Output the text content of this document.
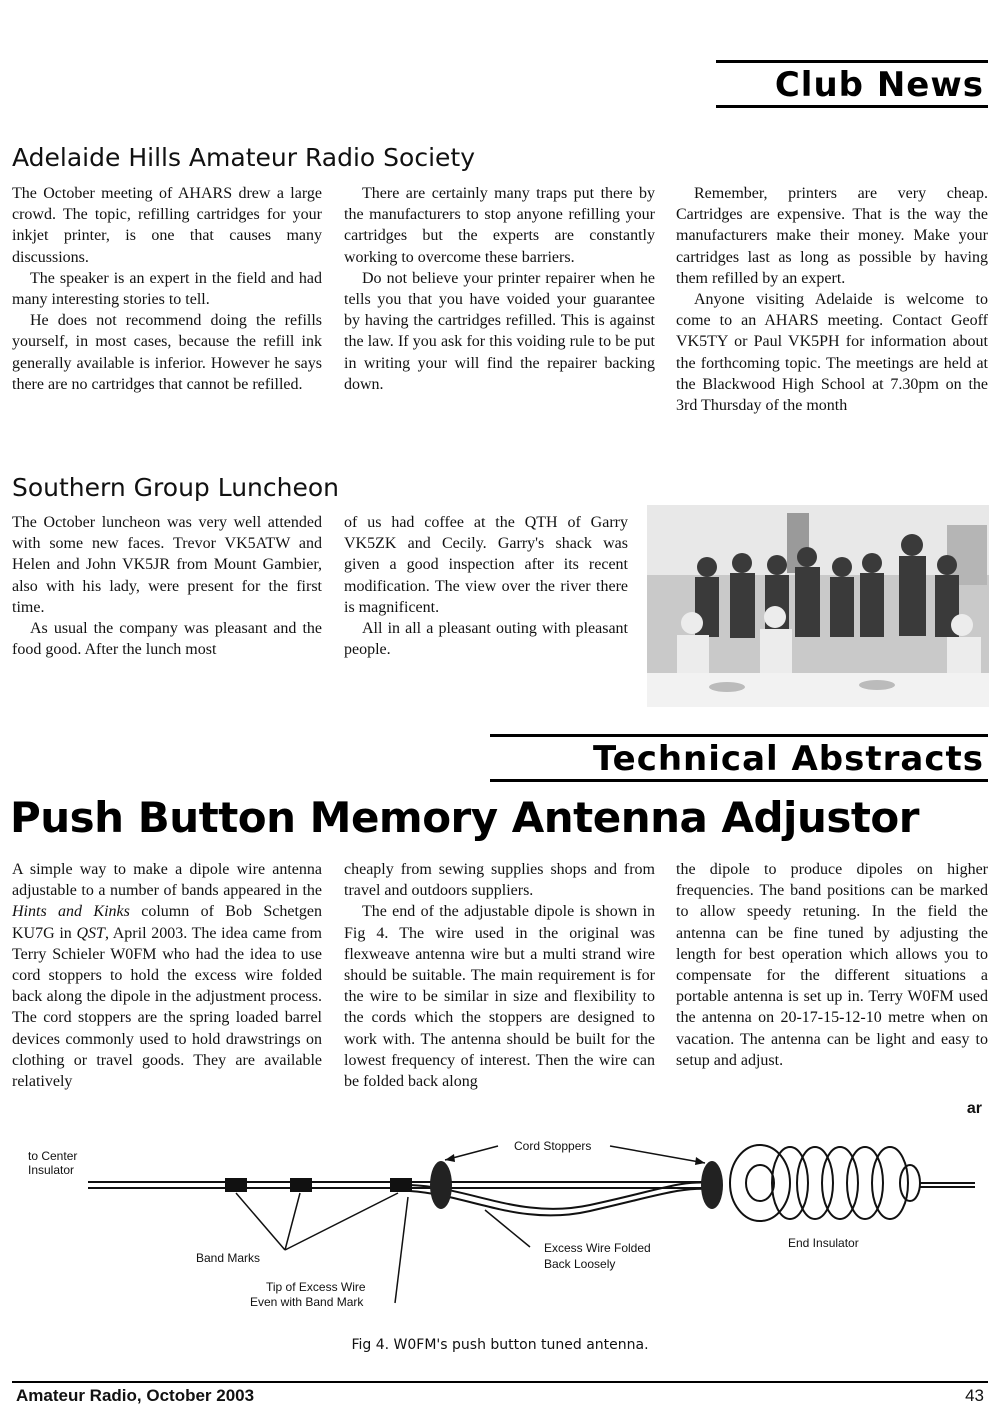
Club News
Adelaide Hills Amateur Radio Society

The October meeting of AHARS drew a large crowd. The topic, refilling cartridges for your inkjet printer, is one that causes many discussions.

The speaker is an expert in the field and had many interesting stories to tell.

He does not recommend doing the refills yourself, in most cases, because the refill ink generally available is inferior. However he says there are no cartridges that cannot be refilled.

There are certainly many traps put there by the manufacturers to stop anyone refilling your cartridges but the experts are constantly working to overcome these barriers.

Do not believe your printer repairer when he tells you that you have voided your guarantee by having the cartridges refilled. This is against the law. If you ask for this voiding rule to be put in writing your will find the repairer backing down.

Remember, printers are very cheap. Cartridges are expensive. That is the way the manufacturers make their money. Make your cartridges last as long as possible by having them refilled by an expert.

Anyone visiting Adelaide is welcome to come to an AHARS meeting. Contact Geoff VK5TY or Paul VK5PH for information about the forthcoming topic. The meetings are held at the Blackwood High School at 7.30pm on the 3rd Thursday of the month

Southern Group Luncheon

The October luncheon was very well attended with some new faces. Trevor VK5ATW and Helen and John VK5JR from Mount Gambier, also with his lady, were present for the first time.

As usual the company was pleasant and the food good. After the lunch most

of us had coffee at the QTH of Garry VK5ZK and Cecily. Garry's shack was given a good inspection after its recent modification. The view over the river there is magnificent.

All in all a pleasant outing with pleasant people.

Technical Abstracts
Push Button Memory Antenna Adjustor

A simple way to make a dipole wire antenna adjustable to a number of bands appeared in the Hints and Kinks column of Bob Schetgen KU7G in QST, April 2003. The idea came from Terry Schieler W0FM who had the idea to use cord stoppers to hold the excess wire folded back along the dipole in the adjustment process. The cord stoppers are the spring loaded barrel devices commonly used to hold drawstrings on clothing or travel goods. They are available relatively

cheaply from sewing supplies shops and from travel and outdoors suppliers.

The end of the adjustable dipole is shown in Fig 4. The wire used in the original was flexweave antenna wire but a multi strand wire should be suitable. The main requirement is for the wire to be similar in size and flexibility to the cords which the stoppers are designed to work with. The antenna should be built for the lowest frequency of interest. Then the wire can be folded back along

the dipole to produce dipoles on higher frequencies. The band positions can be marked to allow speedy retuning. In the field the antenna can be fine tuned by adjusting the length for best operation which allows you to compensate for the different situations a portable antenna is set up in. Terry W0FM used the antenna on 20-17-15-12-10 metre when on vacation. The antenna can be light and easy to setup and adjust.

ar
to Center
Insulator
Cord Stoppers
Band Marks
Tip of Excess Wire
Even with Band Mark
Excess Wire Folded
Back Loosely
End Insulator
Fig 4. W0FM's push button tuned antenna.
Amateur Radio, October 2003	43
